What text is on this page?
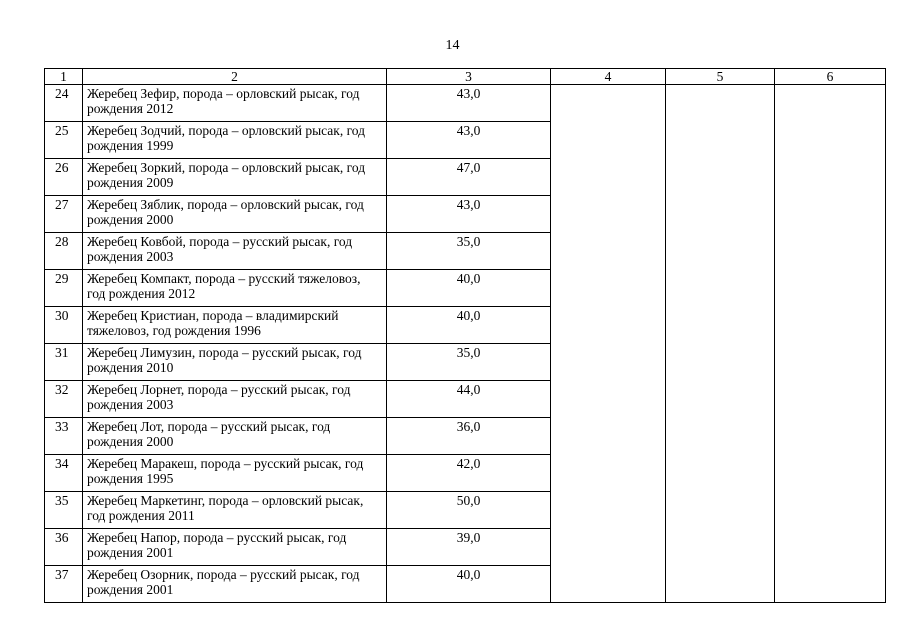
14
1	2	3	4	5	6
24	Жеребец Зефир, порода – орловский рысак, год рождения 2012	43,0			
25	Жеребец Зодчий, порода – орловский рысак, год рождения 1999	43,0			
26	Жеребец Зоркий, порода – орловский рысак, год рождения 2009	47,0			
27	Жеребец Зяблик, порода – орловский рысак, год рождения 2000	43,0			
28	Жеребец Ковбой, порода – русский рысак, год рождения 2003	35,0			
29	Жеребец Компакт, порода – русский тяжеловоз, год рождения 2012	40,0			
30	Жеребец Кристиан, порода – владимирский тяжеловоз, год рождения 1996	40,0			
31	Жеребец Лимузин, порода – русский рысак, год рождения 2010	35,0			
32	Жеребец Лорнет, порода – русский рысак, год рождения 2003	44,0			
33	Жеребец Лот, порода – русский рысак, год рождения 2000	36,0			
34	Жеребец Маракеш, порода – русский рысак, год рождения 1995	42,0			
35	Жеребец Маркетинг, порода – орловский рысак, год рождения 2011	50,0			
36	Жеребец Напор, порода – русский рысак, год рождения 2001	39,0			
37	Жеребец Озорник, порода – русский рысак, год рождения 2001	40,0			
